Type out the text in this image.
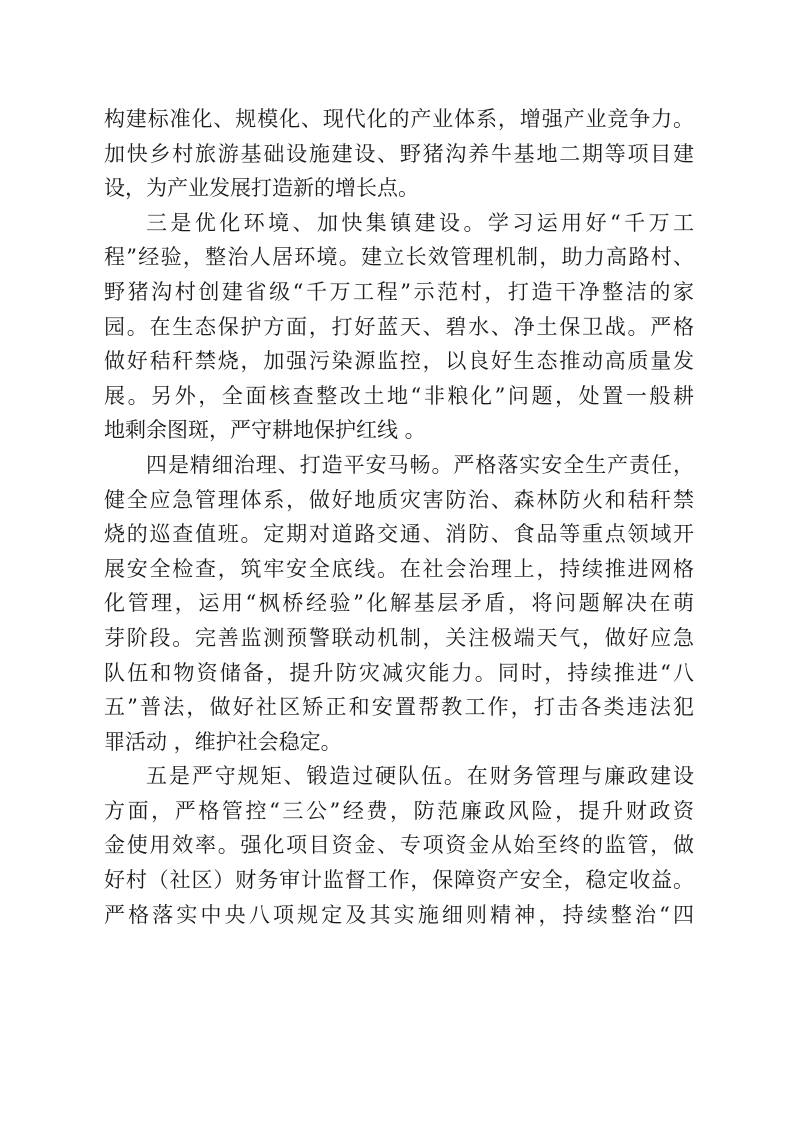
构建标准化、规模化、现代化的产业体系，增强产业竞争力。
加快乡村旅游基础设施建设、野猪沟养牛基地二期等项目建
设，为产业发展打造新的增长点。
三是优化环境、加快集镇建设。学习运用好“千万工
程”经验，整治人居环境。建立长效管理机制，助力高路村、
野猪沟村创建省级“千万工程”示范村，打造干净整洁的家
园。在生态保护方面，打好蓝天、碧水、净土保卫战。严格
做好秸秆禁烧，加强污染源监控，以良好生态推动高质量发
展。另外，全面核查整改土地“非粮化”问题，处置一般耕
地剩余图斑，严守耕地保护红线 。
四是精细治理、打造平安马畅。严格落实安全生产责任，
健全应急管理体系，做好地质灾害防治、森林防火和秸秆禁
烧的巡查值班。定期对道路交通、消防、食品等重点领域开
展安全检查，筑牢安全底线。在社会治理上，持续推进网格
化管理，运用“枫桥经验”化解基层矛盾，将问题解决在萌
芽阶段。完善监测预警联动机制，关注极端天气，做好应急
队伍和物资储备，提升防灾减灾能力。同时，持续推进“八
五”普法，做好社区矫正和安置帮教工作，打击各类违法犯
罪活动 ，维护社会稳定。
五是严守规矩、锻造过硬队伍。在财务管理与廉政建设
方面，严格管控“三公”经费，防范廉政风险，提升财政资
金使用效率。强化项目资金、专项资金从始至终的监管，做
好村（社区）财务审计监督工作，保障资产安全，稳定收益。
严格落实中央八项规定及其实施细则精神，持续整治“四
